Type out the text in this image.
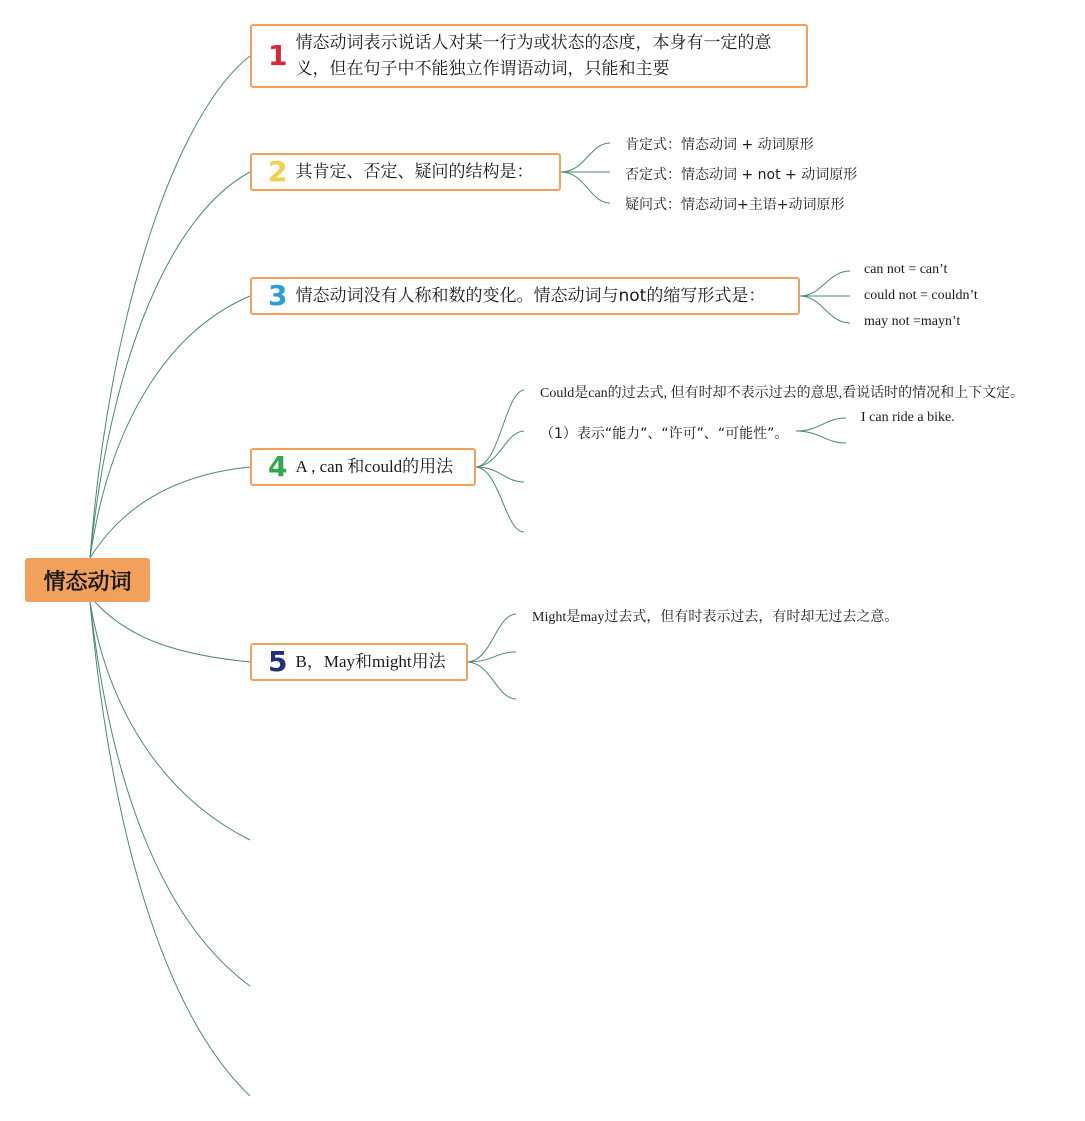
情态动词
1 情态动词表示说话人对某一行为或状态的态度，本身有一定的意义，但在句子中不能独立作谓语动词，只能和主要
2 其肯定、否定、疑问的结构是：
3 情态动词没有人称和数的变化。情态动词与not的缩写形式是：
4 A , can 和could的用法
5 B，May和might用法
肯定式：情态动词 + 动词原形
否定式：情态动词 + not + 动词原形
疑问式：情态动词+主语+动词原形
can not = can’t
could not = couldn’t
may not =mayn’t
Could是can的过去式, 但有时却不表示过去的意思,看说话时的情况和上下文定。
（1）表示“能力”、“许可”、“可能性”。
I can ride a bike.
Might是may过去式，但有时表示过去，有时却无过去之意。
